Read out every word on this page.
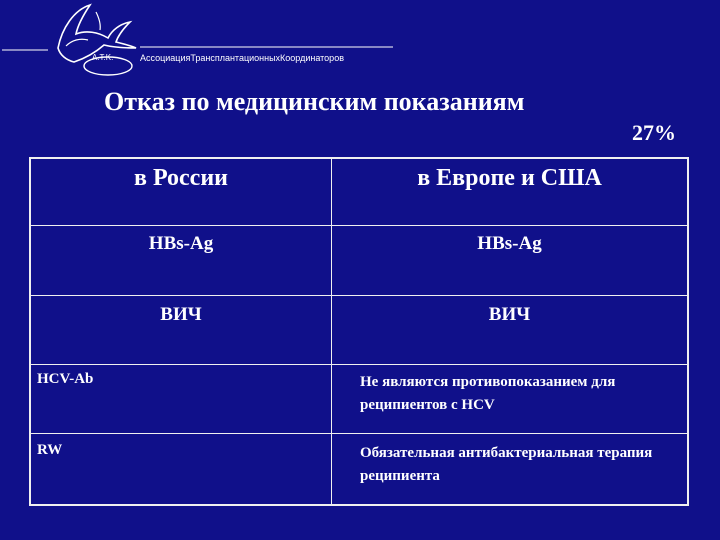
A.T.K.	АссоциацияТрансплантационныхКоординаторов
Отказ по медицинским показаниям
27%
в России	в Европе и США
HBs-Ag	HBs-Ag
ВИЧ	ВИЧ
HCV-Ab	Не являются противопоказанием для реципиентов с HCV
RW	Обязательная антибактериальная терапия реципиента
